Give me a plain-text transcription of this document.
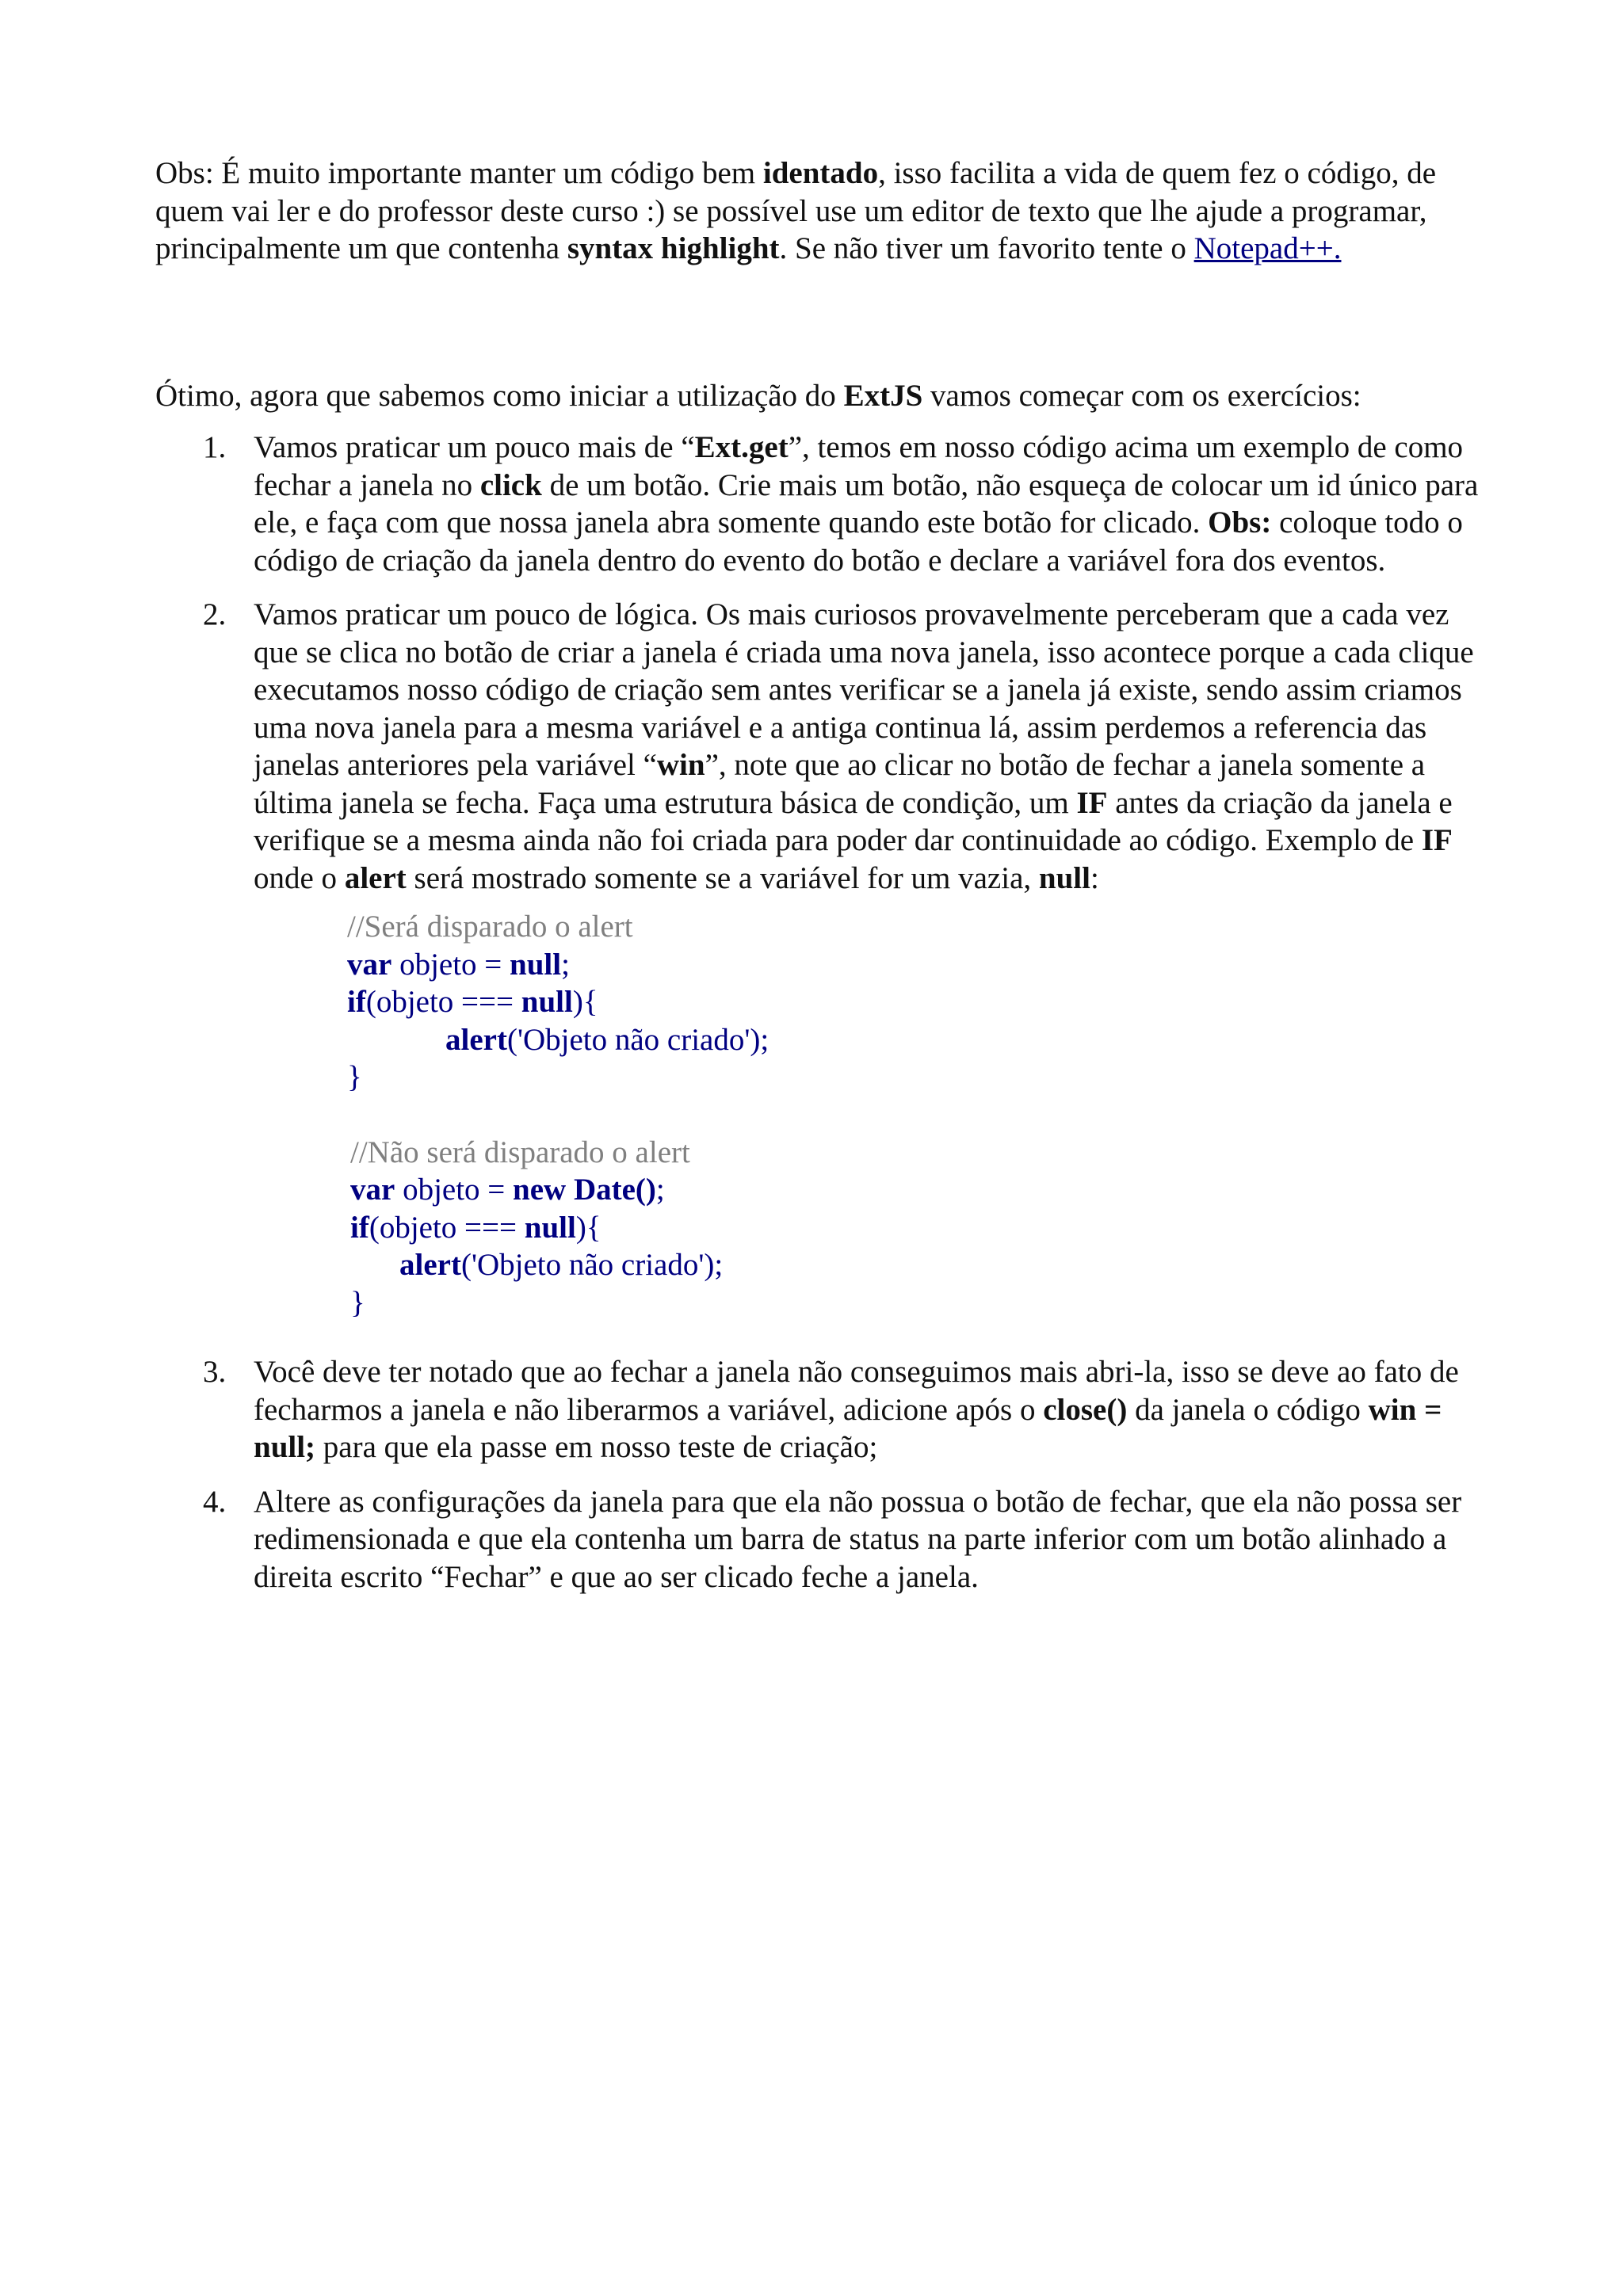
Obs: É muito importante manter um código bem identado, isso facilita a vida de quem fez o código, de quem vai ler e do professor deste curso :) se possível use um editor de texto que lhe ajude a programar, principalmente um que contenha syntax highlight. Se não tiver um favorito tente o Notepad++.

Ótimo, agora que sabemos como iniciar a utilização do ExtJS vamos começar com os exercícios:

1. Vamos praticar um pouco mais de “Ext.get”, temos em nosso código acima um exemplo de como fechar a janela no click de um botão. Crie mais um botão, não esqueça de colocar um id único para ele, e faça com que nossa janela abra somente quando este botão for clicado. Obs: coloque todo o código de criação da janela dentro do evento do botão e declare a variável fora dos eventos.
2. Vamos praticar um pouco de lógica. Os mais curiosos provavelmente perceberam que a cada vez que se clica no botão de criar a janela é criada uma nova janela, isso acontece porque a cada clique executamos nosso código de criação sem antes verificar se a janela já existe, sendo assim criamos uma nova janela para a mesma variável e a antiga continua lá, assim perdemos a referencia das janelas anteriores pela variável “win”, note que ao clicar no botão de fechar a janela somente a última janela se fecha. Faça uma estrutura básica de condição, um IF antes da criação da janela e verifique se a mesma ainda não foi criada para poder dar continuidade ao código. Exemplo de IF onde o alert será mostrado somente se a variável for um vazia, null:
//Será disparado o alert
var objeto = null;
if(objeto === null){
alert('Objeto não criado');
}
//Não será disparado o alert
var objeto = new Date();
if(objeto === null){
alert('Objeto não criado');
}
3. Você deve ter notado que ao fechar a janela não conseguimos mais abri-la, isso se deve ao fato de fecharmos a janela e não liberarmos a variável, adicione após o close() da janela o código win = null; para que ela passe em nosso teste de criação;
4. Altere as configurações da janela para que ela não possua o botão de fechar, que ela não possa ser redimensionada e que ela contenha um barra de status na parte inferior com um botão alinhado a direita escrito “Fechar” e que ao ser clicado feche a janela.
